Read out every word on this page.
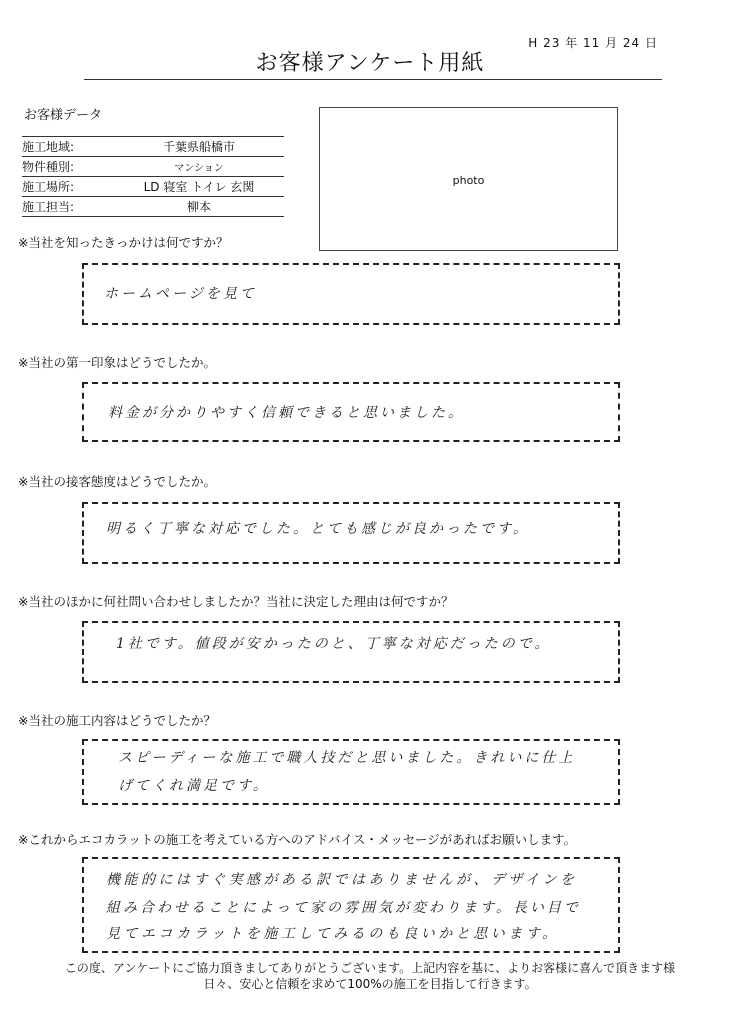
H 23 年 11 月 24 日
お客様アンケート用紙
お客様データ
施工地域:	千葉県船橋市
物件種別:	マンション
施工場所:	LD 寝室 トイレ 玄関
施工担当:	柳本
photo
※当社を知ったきっかけは何ですか？
ホームページを見て
※当社の第一印象はどうでしたか。
料金が分かりやすく信頼できると思いました。
※当社の接客態度はどうでしたか。
明るく丁寧な対応でした。とても感じが良かったです。
※当社のほかに何社問い合わせしましたか？当社に決定した理由は何ですか？
1社です。値段が安かったのと、丁寧な対応だったので。
※当社の施工内容はどうでしたか？
スピーディーな施工で職人技だと思いました。きれいに仕上
げてくれ満足です。
※これからエコカラットの施工を考えている方へのアドバイス・メッセージがあればお願いします。
機能的にはすぐ実感がある訳ではありませんが、デザインを
組み合わせることによって家の雰囲気が変わります。長い目で
見てエコカラットを施工してみるのも良いかと思います。
この度、アンケートにご協力頂きましてありがとうございます。上記内容を基に、よりお客様に喜んで頂きます様
日々、安心と信頼を求めて100%の施工を目指して行きます。
